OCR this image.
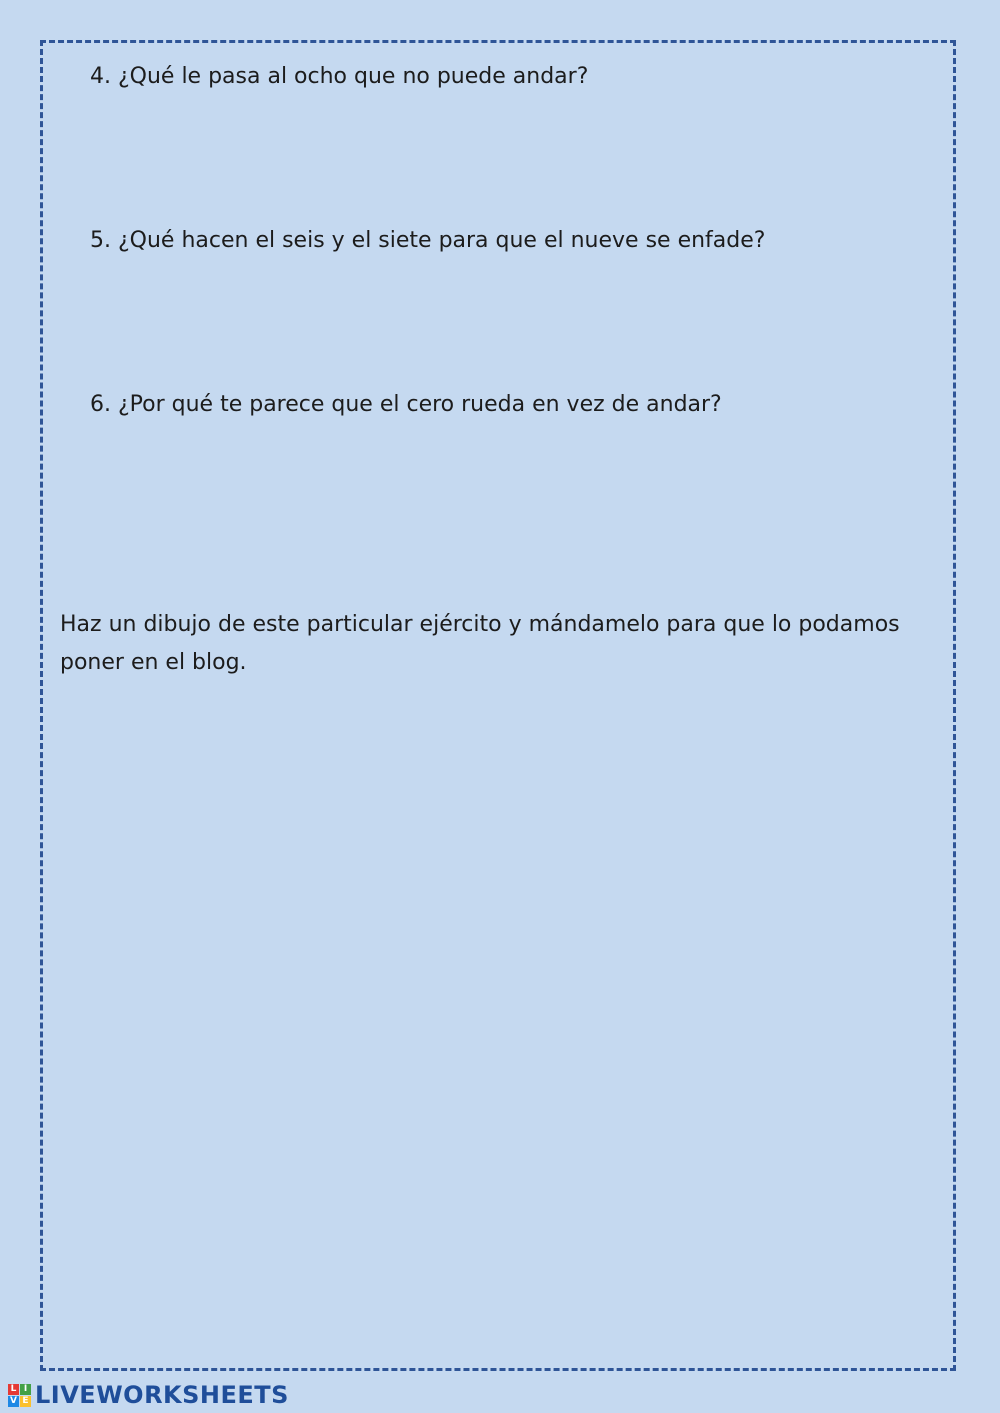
4. ¿Qué le pasa al ocho que no puede andar?
5. ¿Qué hacen el seis y el siete para que el nueve se enfade?
6. ¿Por qué te parece que el cero rueda en vez de andar?
Haz un dibujo de este particular ejército y mándamelo para que lo podamos poner en el blog.
L I
V E LIVEWORKSHEETS
